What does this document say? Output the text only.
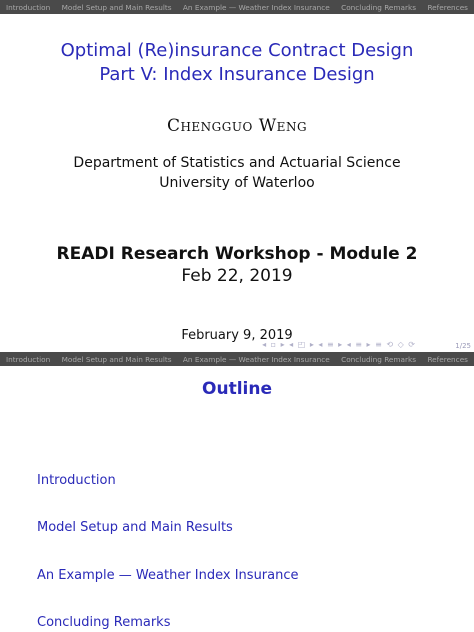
Introduction Model Setup and Main Results An Example — Weather Index Insurance Concluding Remarks References
Optimal (Re)insurance Contract Design
Part V: Index Insurance Design
Chengguo Weng
Department of Statistics and Actuarial Science
University of Waterloo
READI Research Workshop - Module 2
Feb 22, 2019
February 9, 2019
◂ ▫ ▸ ◂ ◰ ▸ ◂ ≡ ▸ ◂ ≡ ▸ ≡ ⟲ ◇ ⟳	1/25
Introduction Model Setup and Main Results An Example — Weather Index Insurance Concluding Remarks References
Outline
Introduction
Model Setup and Main Results
An Example — Weather Index Insurance
Concluding Remarks
